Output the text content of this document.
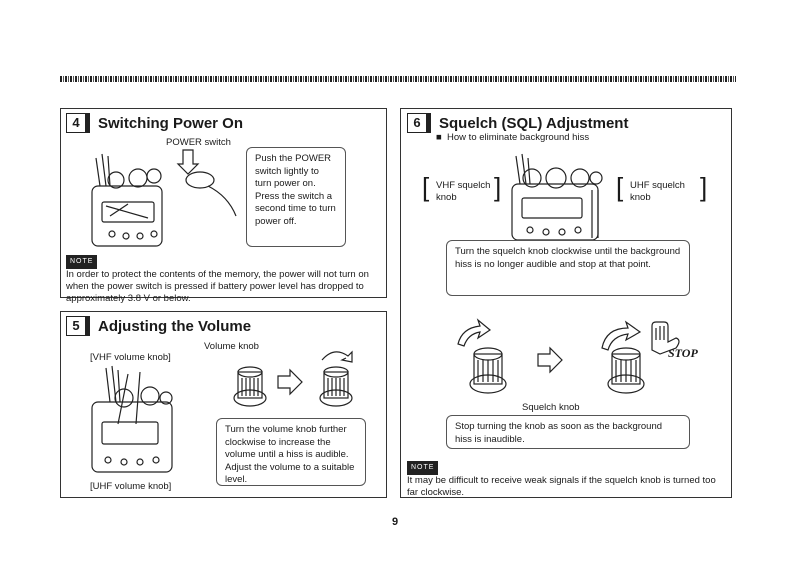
4	Switching Power On
POWER switch
Push the POWER switch lightly to turn power on. Press the switch a second time to turn power off.
NOTE
In order to protect the contents of the memory, the power will not turn on when the power switch is pressed if battery power level has dropped to approximately 3.8 V or below.
5	Adjusting the Volume
Volume knob
[VHF volume knob]
[UHF volume knob]
Turn the volume knob further clockwise to increase the volume until a hiss is audible. Adjust the volume to a suitable level.
6	Squelch (SQL) Adjustment
■ How to eliminate background hiss
[ VHF squelch knob	]	[ UHF squelch knob	]
Turn the squelch knob clockwise until the background hiss is no longer audible and stop at that point.
STOP
Squelch knob
Stop turning the knob as soon as the background hiss is inaudible.
NOTE
It may be difficult to receive weak signals if the squelch knob is turned too far clockwise.
9
